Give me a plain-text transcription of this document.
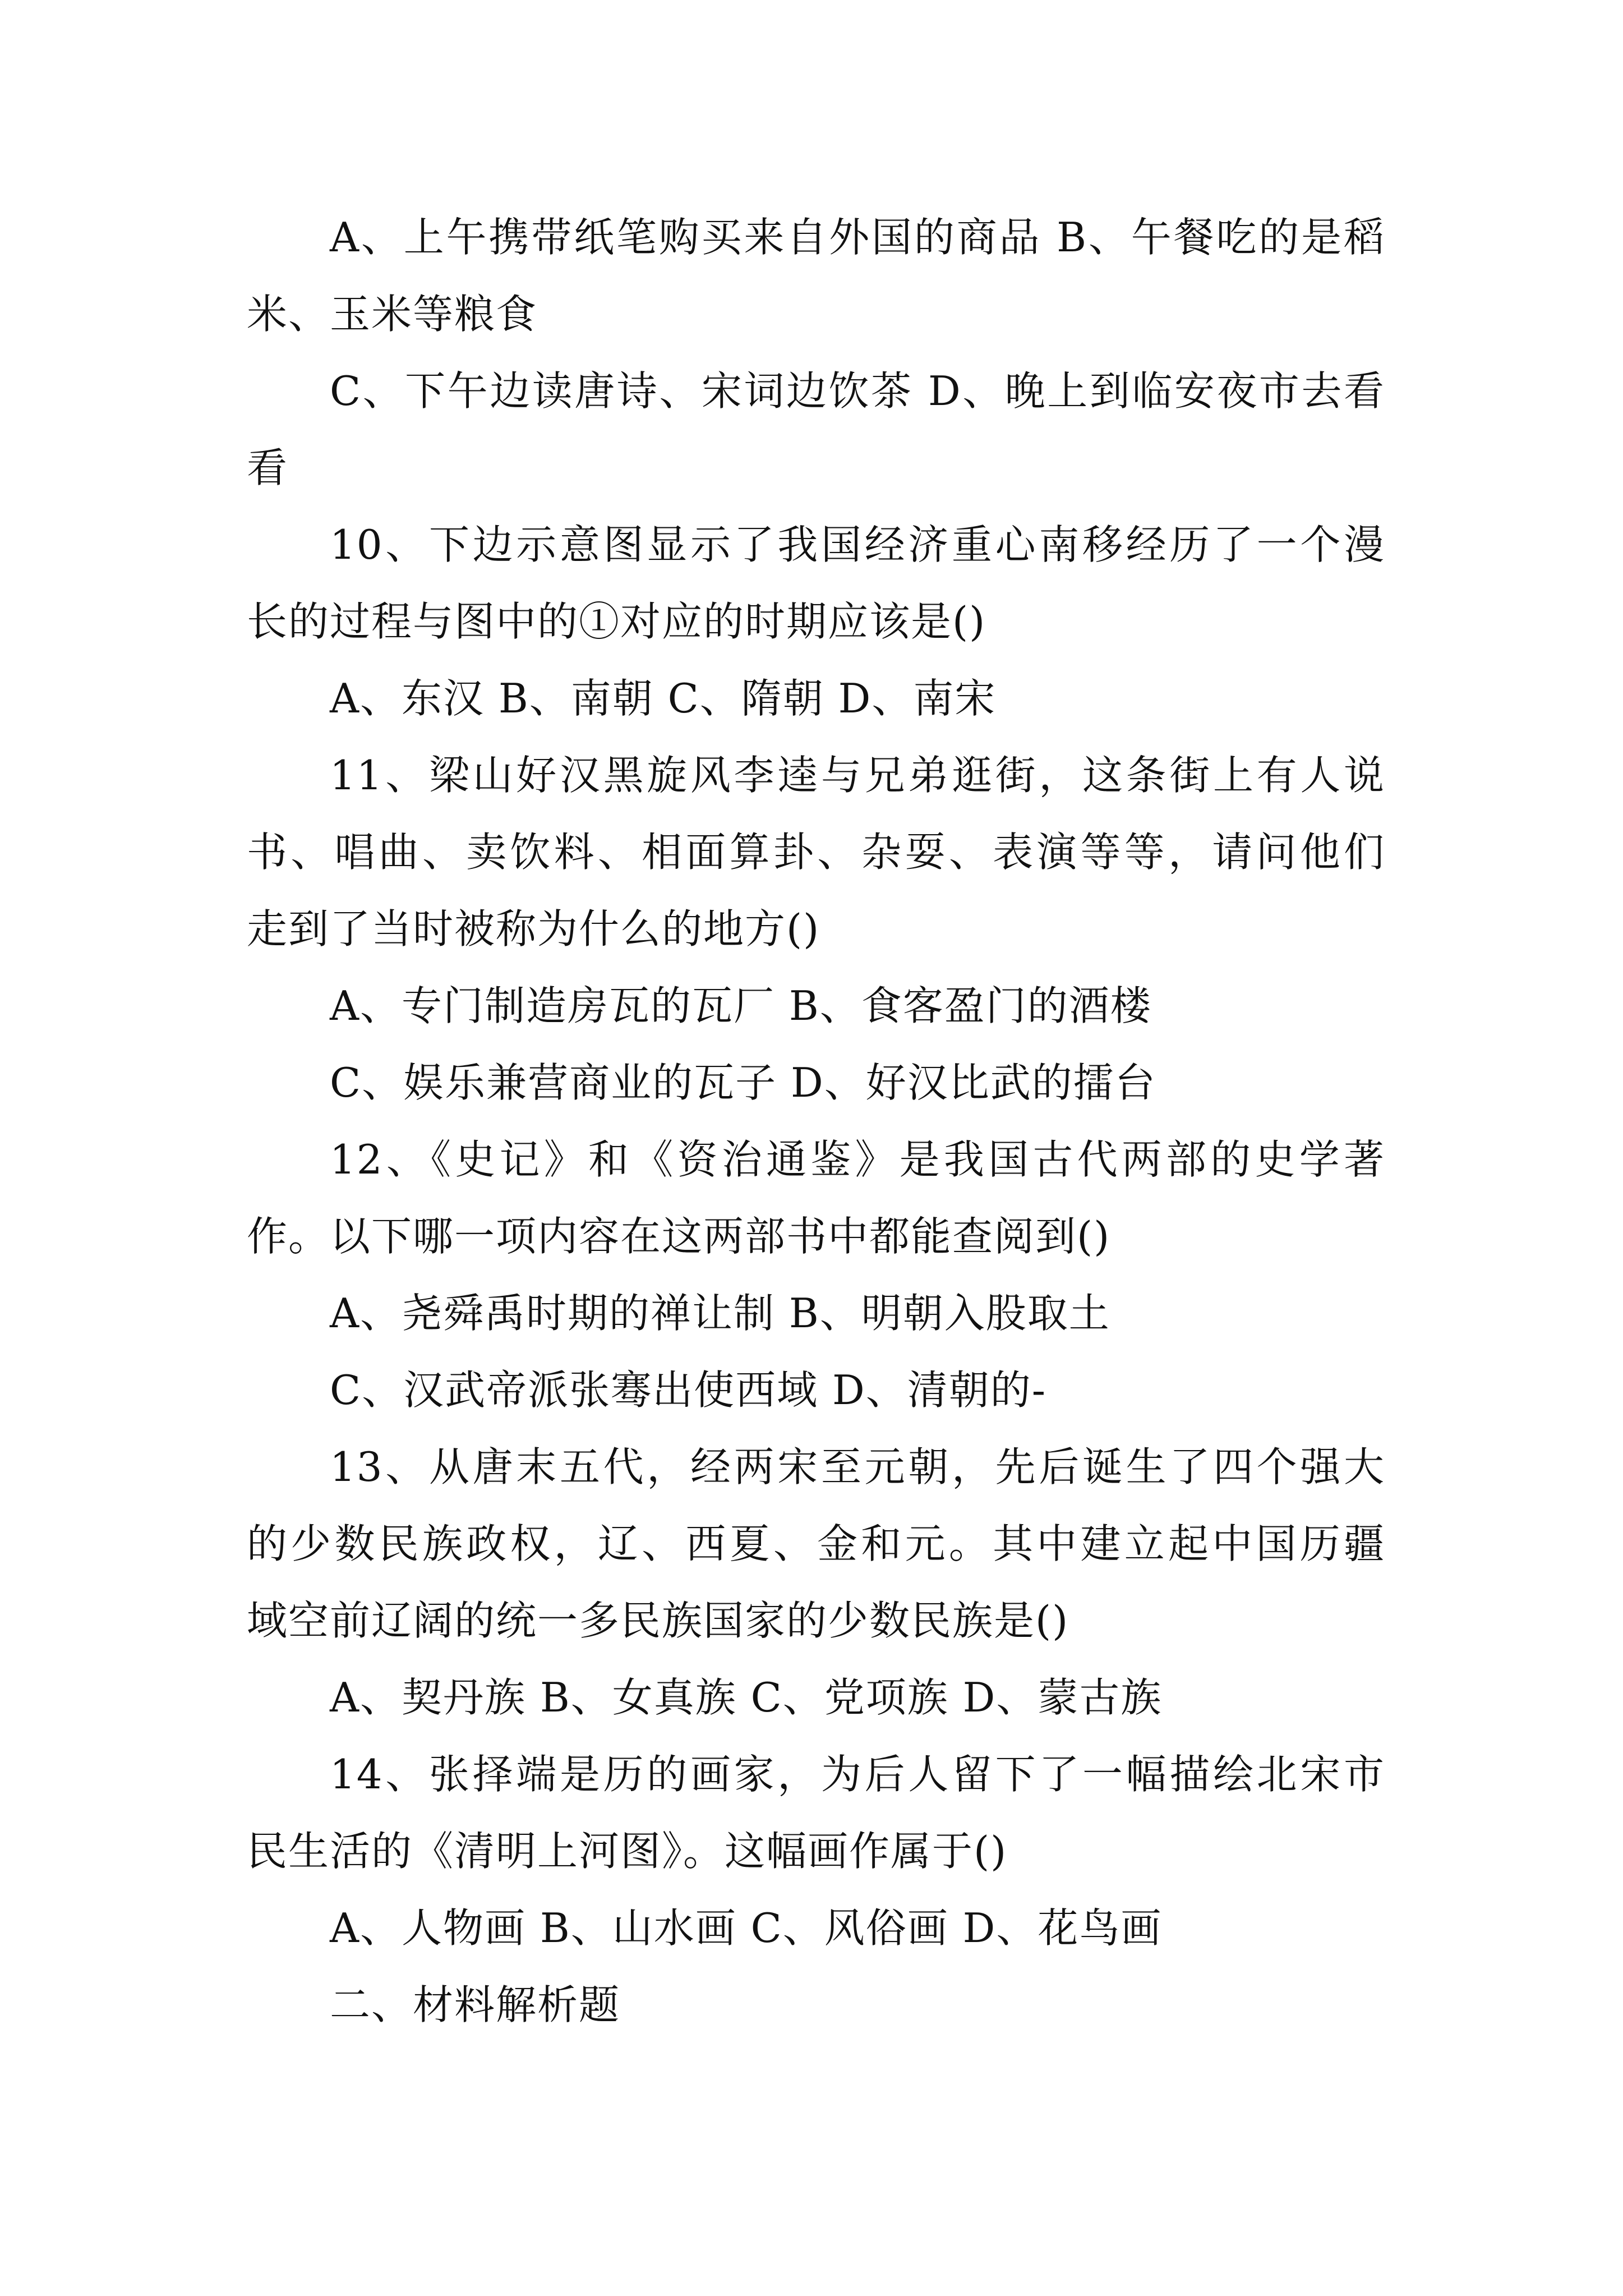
A、上午携带纸笔购买来自外国的商品 B、午餐吃的是稻
米、玉米等粮食
C、下午边读唐诗、宋词边饮茶 D、晚上到临安夜市去看
看
10、下边示意图显示了我国经济重心南移经历了一个漫
长的过程与图中的①对应的时期应该是()
A、东汉 B、南朝 C、隋朝 D、南宋
11、梁山好汉黑旋风李逵与兄弟逛街，这条街上有人说
书、唱曲、卖饮料、相面算卦、杂耍、表演等等，请问他们
走到了当时被称为什么的地方()
A、专门制造房瓦的瓦厂 B、食客盈门的酒楼
C、娱乐兼营商业的瓦子 D、好汉比武的擂台
12、《史记》和《资治通鉴》是我国古代两部的史学著
作。以下哪一项内容在这两部书中都能查阅到()
A、尧舜禹时期的禅让制 B、明朝入股取土
C、汉武帝派张骞出使西域 D、清朝的-
13、从唐末五代，经两宋至元朝，先后诞生了四个强大
的少数民族政权，辽、西夏、金和元。其中建立起中国历疆
域空前辽阔的统一多民族国家的少数民族是()
A、契丹族 B、女真族 C、党项族 D、蒙古族
14、张择端是历的画家，为后人留下了一幅描绘北宋市
民生活的《清明上河图》。这幅画作属于()
A、人物画 B、山水画 C、风俗画 D、花鸟画
二、材料解析题
